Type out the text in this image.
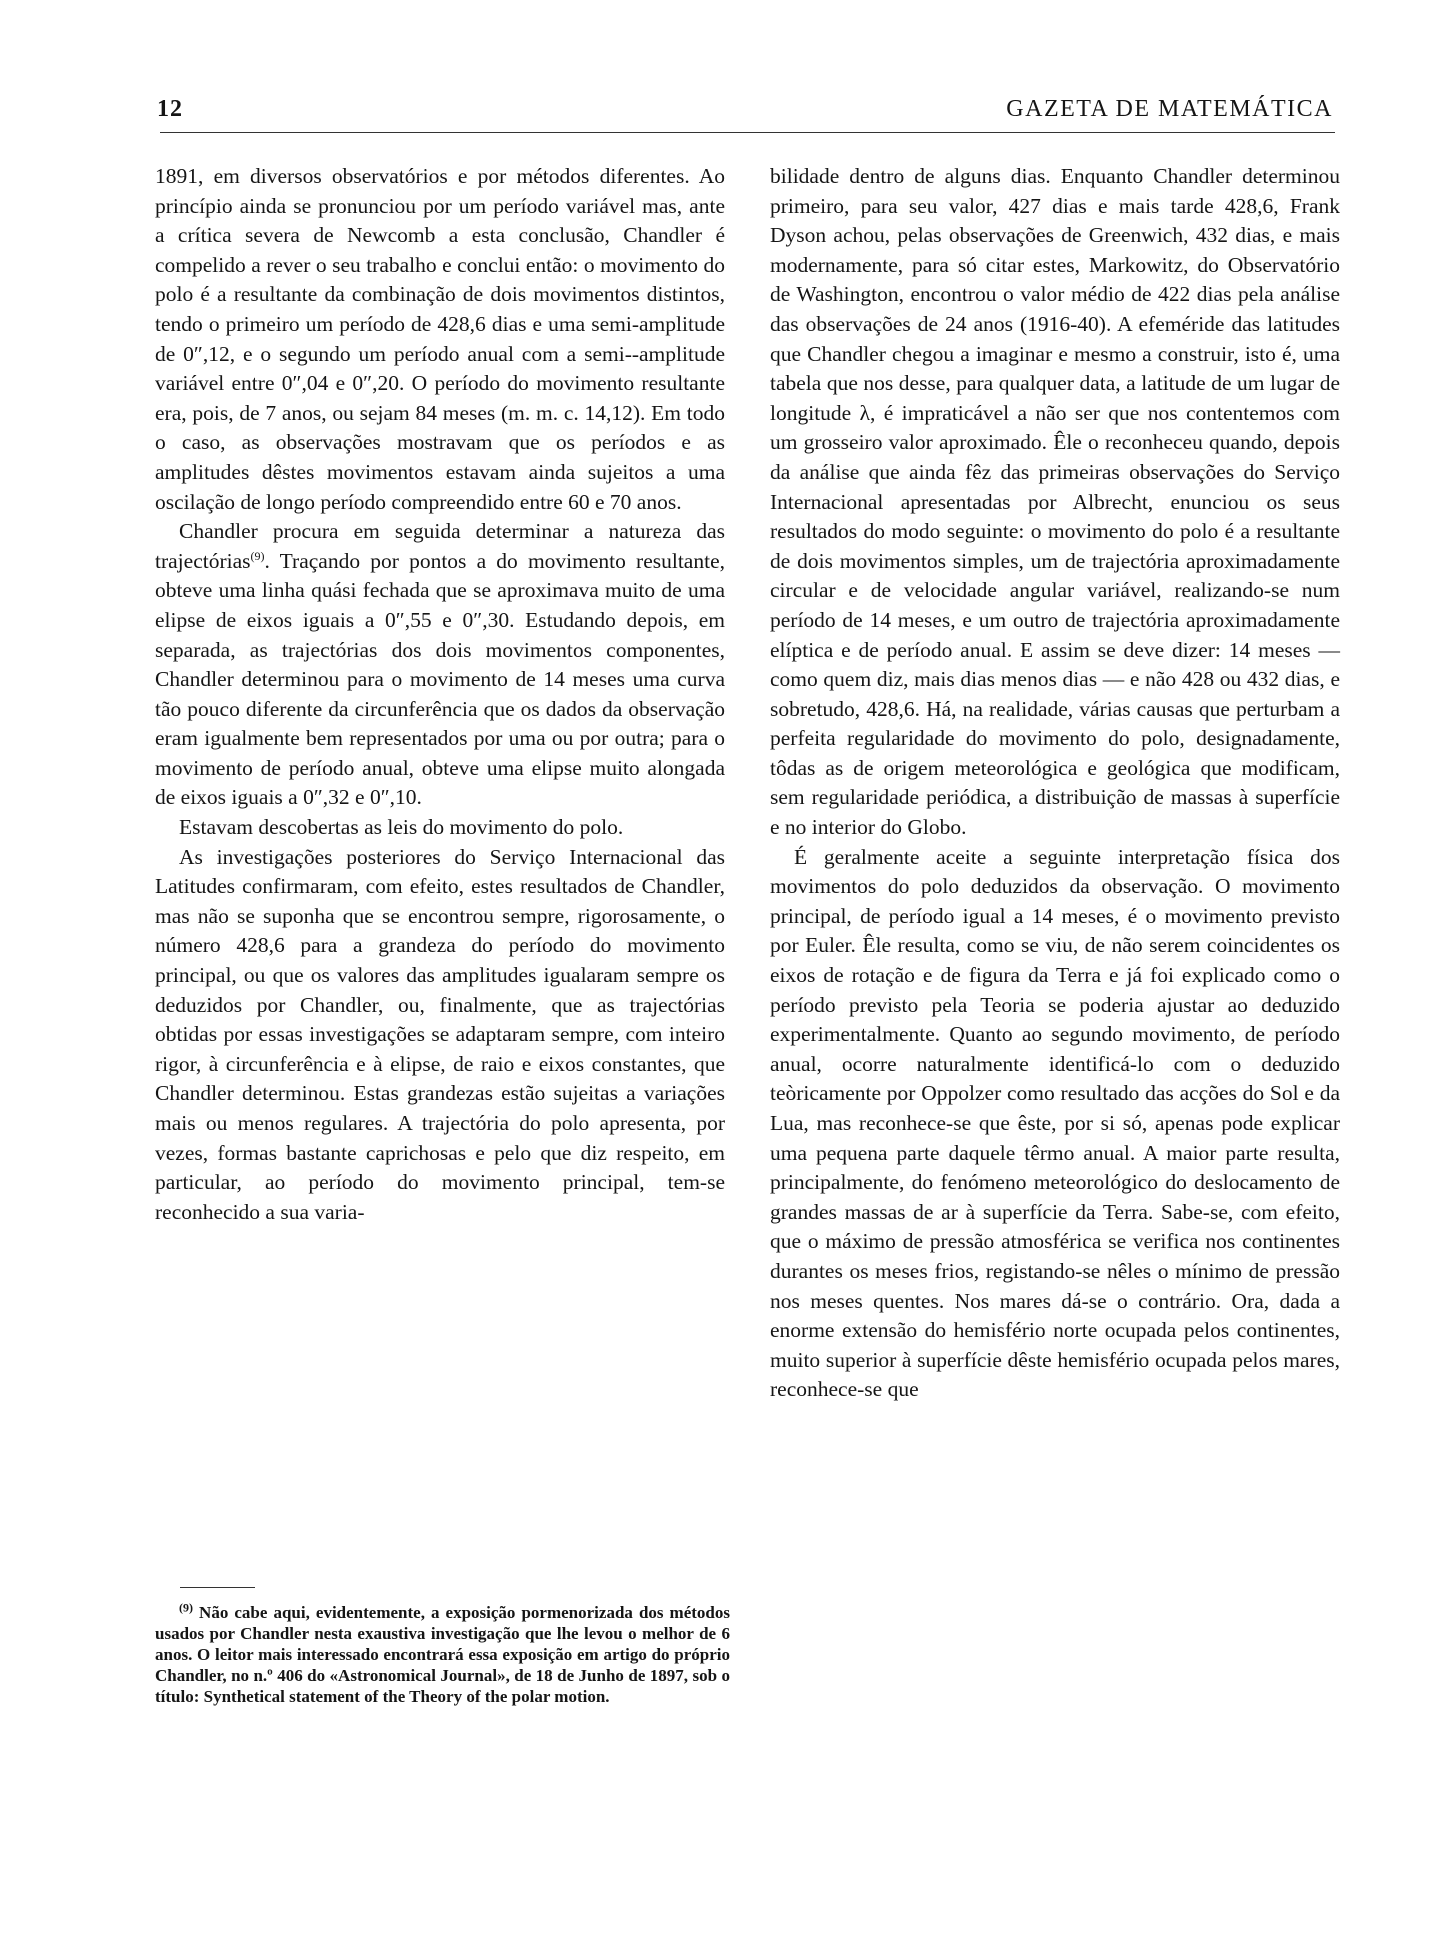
12	GAZETA DE MATEMÁTICA

1891, em diversos observatórios e por métodos diferentes. Ao princípio ainda se pronunciou por um período variável mas, ante a crítica severa de Newcomb a esta conclusão, Chandler é compelido a rever o seu trabalho e conclui então: o movimento do polo é a resultante da combinação de dois movimentos distintos, tendo o primeiro um período de 428,6 dias e uma semi-amplitude de 0″,12, e o segundo um período anual com a semi--amplitude variável entre 0″,04 e 0″,20. O período do movimento resultante era, pois, de 7 anos, ou sejam 84 meses (m. m. c. 14,12). Em todo o caso, as observações mostravam que os períodos e as amplitudes dêstes movimentos estavam ainda sujeitos a uma oscilação de longo período compreendido entre 60 e 70 anos.

Chandler procura em seguida determinar a natureza das trajectórias$^{(9)}$. Traçando por pontos a do movimento resultante, obteve uma linha quási fechada que se aproximava muito de uma elipse de eixos iguais a 0″,55 e 0″,30. Estudando depois, em separada, as trajectórias dos dois movimentos componentes, Chandler determinou para o movimento de 14 meses uma curva tão pouco diferente da circunferência que os dados da observação eram igualmente bem representados por uma ou por outra; para o movimento de período anual, obteve uma elipse muito alongada de eixos iguais a 0″,32 e 0″,10.

Estavam descobertas as leis do movimento do polo.

As investigações posteriores do Serviço Internacional das Latitudes confirmaram, com efeito, estes resultados de Chandler, mas não se suponha que se encontrou sempre, rigorosamente, o número 428,6 para a grandeza do período do movimento principal, ou que os valores das amplitudes igualaram sempre os deduzidos por Chandler, ou, finalmente, que as trajectórias obtidas por essas investigações se adaptaram sempre, com inteiro rigor, à circunferência e à elipse, de raio e eixos constantes, que Chandler determinou. Estas grandezas estão sujeitas a variações mais ou menos regulares. A trajectória do polo apresenta, por vezes, formas bastante caprichosas e pelo que diz respeito, em particular, ao período do movimento principal, tem-se reconhecido a sua varia-

$^{(9)}$ Não cabe aqui, evidentemente, a exposição pormenorizada dos métodos usados por Chandler nesta exaustiva investigação que lhe levou o melhor de 6 anos. O leitor mais interessado encontrará essa exposição em artigo do próprio Chandler, no n.º 406 do «Astronomical Journal», de 18 de Junho de 1897, sob o título: Synthetical statement of the Theory of the polar motion.

bilidade dentro de alguns dias. Enquanto Chandler determinou primeiro, para seu valor, 427 dias e mais tarde 428,6, Frank Dyson achou, pelas observações de Greenwich, 432 dias, e mais modernamente, para só citar estes, Markowitz, do Observatório de Washington, encontrou o valor médio de 422 dias pela análise das observações de 24 anos (1916-40). A efeméride das latitudes que Chandler chegou a imaginar e mesmo a construir, isto é, uma tabela que nos desse, para qualquer data, a latitude de um lugar de longitude λ, é impraticável a não ser que nos contentemos com um grosseiro valor aproximado. Êle o reconheceu quando, depois da análise que ainda fêz das primeiras observações do Serviço Internacional apresentadas por Albrecht, enunciou os seus resultados do modo seguinte: o movimento do polo é a resultante de dois movimentos simples, um de trajectória aproximadamente circular e de velocidade angular variável, realizando-se num período de 14 meses, e um outro de trajectória aproximadamente elíptica e de período anual. E assim se deve dizer: 14 meses — como quem diz, mais dias menos dias — e não 428 ou 432 dias, e sobretudo, 428,6. Há, na realidade, várias causas que perturbam a perfeita regularidade do movimento do polo, designadamente, tôdas as de origem meteorológica e geológica que modificam, sem regularidade periódica, a distribuição de massas à superfície e no interior do Globo.

É geralmente aceite a seguinte interpretação física dos movimentos do polo deduzidos da observação. O movimento principal, de período igual a 14 meses, é o movimento previsto por Euler. Êle resulta, como se viu, de não serem coincidentes os eixos de rotação e de figura da Terra e já foi explicado como o período previsto pela Teoria se poderia ajustar ao deduzido experimentalmente. Quanto ao segundo movimento, de período anual, ocorre naturalmente identificá-lo com o deduzido teòricamente por Oppolzer como resultado das acções do Sol e da Lua, mas reconhece-se que êste, por si só, apenas pode explicar uma pequena parte daquele têrmo anual. A maior parte resulta, principalmente, do fenómeno meteorológico do deslocamento de grandes massas de ar à superfície da Terra. Sabe-se, com efeito, que o máximo de pressão atmosférica se verifica nos continentes durantes os meses frios, registando-se nêles o mínimo de pressão nos meses quentes. Nos mares dá-se o contrário. Ora, dada a enorme extensão do hemisfério norte ocupada pelos continentes, muito superior à superfície dêste hemisfério ocupada pelos mares, reconhece-se que
